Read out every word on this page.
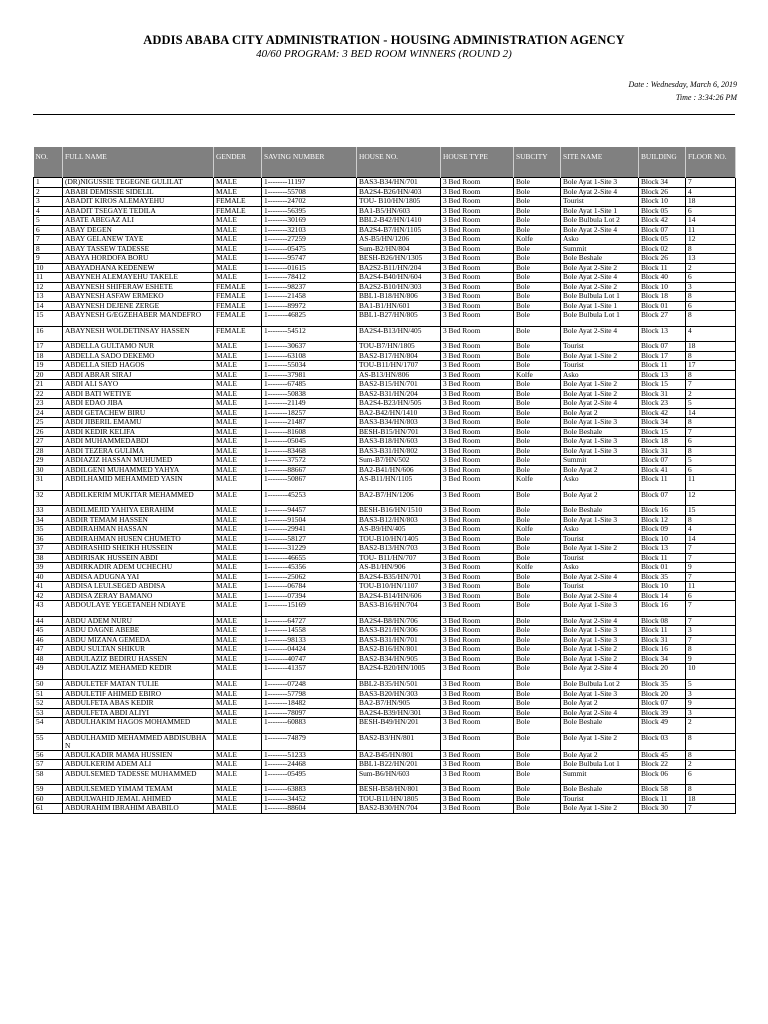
ADDIS ABABA CITY ADMINISTRATION - HOUSING ADMINISTRATION AGENCY
40/60 PROGRAM: 3 BED ROOM WINNERS (ROUND 2)
Date : Wednesday, March 6, 2019
Time : 3:34:26 PM
NO.	FULL NAME	GENDER	SAVING NUMBER	HOUSE NO.	HOUSE TYPE	SUBCITY	SITE NAME	BUILDING	FLOOR NO.
1	(DR)NIGUSSIE TEGEGNE GULILAT	MALE	1--------11197	BAS3-B34/HN/701	3 Bed Room	Bole	Bole Ayat 1-Site 3	Block 34	7
2	ABABI DEMISSIE SIDELIL	MALE	1--------55708	BA2S4-B26/HN/403	3 Bed Room	Bole	Bole Ayat 2-Site 4	Block 26	4
3	ABADIT KIROS ALEMAYEHU	FEMALE	1--------24702	TOU- B10/HN/1805	3 Bed Room	Bole	Tourist	Block 10	18
4	ABADIT TSEGAYE TEDILA	FEMALE	1--------56395	BA1-B5/HN/603	3 Bed Room	Bole	Bole Ayat 1-Site 1	Block 05	6
5	ABATE ABEGAZ ALI	MALE	1--------30169	BBL2-B42/HN/1410	3 Bed Room	Bole	Bole Bulbula Lot 2	Block 42	14
6	ABAY DEGEN	MALE	1--------32103	BA2S4-B7/HN/1105	3 Bed Room	Bole	Bole Ayat 2-Site 4	Block 07	11
7	ABAY GELANEW TAYE	MALE	1--------27259	AS-B5/HN/1206	3 Bed Room	Kolfe	Asko	Block 05	12
8	ABAY TASSEW TADESSE	MALE	1--------05475	Sum-B2/HN/804	3 Bed Room	Bole	Summit	Block 02	8
9	ABAYA HORDOFA BORU	MALE	1--------95747	BESH-B26/HN/1305	3 Bed Room	Bole	Bole Beshale	Block 26	13
10	ABAYADHANA KEDENEW	MALE	1--------01615	BA2S2-B11/HN/204	3 Bed Room	Bole	Bole Ayat 2-Site 2	Block 11	2
11	ABAYNEH ALEMAYEHU TAKELE	MALE	1--------78412	BA2S4-B40/HN/604	3 Bed Room	Bole	Bole Ayat 2-Site 4	Block 40	6
12	ABAYNESH SHIFERAW ESHETE	FEMALE	1--------98237	BA2S2-B10/HN/303	3 Bed Room	Bole	Bole Ayat 2-Site 2	Block 10	3
13	ABAYNESH ASFAW ERMEKO	FEMALE	1--------21458	BBL1-B18/HN/806	3 Bed Room	Bole	Bole Bulbula Lot 1	Block 18	8
14	ABAYNESH DEJENE ZERGE	FEMALE	1--------89972	BA1-B1/HN/601	3 Bed Room	Bole	Bole Ayat 1-Site 1	Block 01	6
15	ABAYNESH G/EGZEHABER MANDEFRO	FEMALE	1--------46825	BBL1-B27/HN/805	3 Bed Room	Bole	Bole Bulbula Lot 1	Block 27	8
16	ABAYNESH WOLDETINSAY HASSEN	FEMALE	1--------54512	BA2S4-B13/HN/405	3 Bed Room	Bole	Bole Ayat 2-Site 4	Block 13	4
17	ABDELLA GULTAMO NUR	MALE	1--------30637	TOU-B7/HN/1805	3 Bed Room	Bole	Tourist	Block 07	18
18	ABDELLA SADO DEKEMO	MALE	1--------63108	BAS2-B17/HN/804	3 Bed Room	Bole	Bole Ayat 1-Site 2	Block 17	8
19	ABDELLA SIED HAGOS	MALE	1--------55034	TOU-B11/HN/1707	3 Bed Room	Bole	Tourist	Block 11	17
20	ABDI ABRAR SIRAJ	MALE	1--------37981	AS-B13/HN/806	3 Bed Room	Kolfe	Asko	Block 13	8
21	ABDI ALI SAYO	MALE	1--------67485	BAS2-B15/HN/701	3 Bed Room	Bole	Bole Ayat 1-Site 2	Block 15	7
22	ABDI BATI WETIYE	MALE	1--------50838	BAS2-B31/HN/204	3 Bed Room	Bole	Bole Ayat 1-Site 2	Block 31	2
23	ABDI EDAO JIBA	MALE	1--------21149	BA2S4-B23/HN/505	3 Bed Room	Bole	Bole Ayat 2-Site 4	Block 23	5
24	ABDI GETACHEW BIRU	MALE	1--------18257	BA2-B42/HN/1410	3 Bed Room	Bole	Bole Ayat 2	Block 42	14
25	ABDI JIBERIL EMAMU	MALE	1--------21487	BAS3-B34/HN/803	3 Bed Room	Bole	Bole Ayat 1-Site 3	Block 34	8
26	ABDI KEDIR KELIFA	MALE	1--------81608	BESH-B15/HN/701	3 Bed Room	Bole	Bole Beshale	Block 15	7
27	ABDI MUHAMMEDABDI	MALE	1--------05045	BAS3-B18/HN/603	3 Bed Room	Bole	Bole Ayat 1-Site 3	Block 18	6
28	ABDI TEZERA GULIMA	MALE	1--------83468	BAS3-B31/HN/802	3 Bed Room	Bole	Bole Ayat 1-Site 3	Block 31	8
29	ABDIAZIZ HASSAN MUHUMED	MALE	1--------37572	Sum-B7/HN/502	3 Bed Room	Bole	Summit	Block 07	5
30	ABDILGENI MUHAMMED YAHYA	MALE	1--------88667	BA2-B41/HN/606	3 Bed Room	Bole	Bole Ayat 2	Block 41	6
31	ABDILHAMID MEHAMMED YASIN	MALE	1--------50867	AS-B11/HN/1105	3 Bed Room	Kolfe	Asko	Block 11	11
32	ABDILKERIM MUKITAR MEHAMMED	MALE	1--------45253	BA2-B7/HN/1206	3 Bed Room	Bole	Bole Ayat 2	Block 07	12
33	ABDILMEJID YAHIYA EBRAHIM	MALE	1--------94457	BESH-B16/HN/1510	3 Bed Room	Bole	Bole Beshale	Block 16	15
34	ABDIR TEMAM HASSEN	MALE	1--------91504	BAS3-B12/HN/803	3 Bed Room	Bole	Bole Ayat 1-Site 3	Block 12	8
35	ABDIRAHMAN HASSAN	MALE	1--------29941	AS-B9/HN/405	3 Bed Room	Kolfe	Asko	Block 09	4
36	ABDIRAHMAN HUSEN CHUMETO	MALE	1--------58127	TOU-B10/HN/1405	3 Bed Room	Bole	Tourist	Block 10	14
37	ABDIRASHID SHEIKH HUSSEIN	MALE	1--------31229	BAS2-B13/HN/703	3 Bed Room	Bole	Bole Ayat 1-Site 2	Block 13	7
38	ABDIRISAK HUSSEIN ABDI	MALE	1--------46655	TOU- B11/HN/707	3 Bed Room	Bole	Tourist	Block 11	7
39	ABDIRKADIR ADEM UCHECHU	MALE	1--------45356	AS-B1/HN/906	3 Bed Room	Kolfe	Asko	Block 01	9
40	ABDISA ADUGNA YAI	MALE	1--------25062	BA2S4-B35/HN/701	3 Bed Room	Bole	Bole Ayat 2-Site 4	Block 35	7
41	ABDISA LEULSEGED ABDISA	MALE	1--------06784	TOU-B10/HN/1107	3 Bed Room	Bole	Tourist	Block 10	11
42	ABDISA ZERAY BAMANO	MALE	1--------07394	BA2S4-B14/HN/606	3 Bed Room	Bole	Bole Ayat 2-Site 4	Block 14	6
43	ABDOULAYE YEGETANEH NDIAYE	MALE	1--------15169	BAS3-B16/HN/704	3 Bed Room	Bole	Bole Ayat 1-Site 3	Block 16	7
44	ABDU ADEM NURU	MALE	1--------64727	BA2S4-B8/HN/706	3 Bed Room	Bole	Bole Ayat 2-Site 4	Block 08	7
45	ABDU DAGNE ABEBE	MALE	1--------14558	BAS3-B21/HN/306	3 Bed Room	Bole	Bole Ayat 1-Site 3	Block 11	3
46	ABDU MIZANA GEMEDA	MALE	1--------98133	BAS3-B31/HN/701	3 Bed Room	Bole	Bole Ayat 1-Site 3	Block 31	7
47	ABDU SULTAN SHIKUR	MALE	1--------04424	BAS2-B16/HN/801	3 Bed Room	Bole	Bole Ayat 1-Site 2	Block 16	8
48	ABDULAZIZ BEDIRU HASSEN	MALE	1--------40747	BAS2-B34/HN/905	3 Bed Room	Bole	Bole Ayat 1-Site 2	Block 34	9
49	ABDULAZIZ MEHAMED KEDIR	MALE	1--------41357	BA2S4-B20/HN/1005	3 Bed Room	Bole	Bole Ayat 2-Site 4	Block 20	10
50	ABDULETEF MATAN TULIE	MALE	1--------07248	BBL2-B35/HN/501	3 Bed Room	Bole	Bole Bulbula Lot 2	Block 35	5
51	ABDULETIF AHIMED EBIRO	MALE	1--------57798	BAS3-B20/HN/303	3 Bed Room	Bole	Bole Ayat 1-Site 3	Block 20	3
52	ABDULFETA ABAS KEDIR	MALE	1--------18482	BA2-B7/HN/905	3 Bed Room	Bole	Bole Ayat 2	Block 07	9
53	ABDULFETA ABDI ALIYI	MALE	1--------78097	BA2S4-B39/HN/301	3 Bed Room	Bole	Bole Ayat 2-Site 4	Block 39	3
54	ABDULHAKIM HAGOS MOHAMMED	MALE	1--------60883	BESH-B49/HN/201	3 Bed Room	Bole	Bole Beshale	Block 49	2
55	ABDULHAMID MEHAMMED ABDISUBHAN	MALE	1--------74879	BAS2-B3/HN/801	3 Bed Room	Bole	Bole Ayat 1-Site 2	Block 03	8
56	ABDULKADIR MAMA HUSSIEN	MALE	1--------51233	BA2-B45/HN/801	3 Bed Room	Bole	Bole Ayat 2	Block 45	8
57	ABDULKERIM ADEM ALI	MALE	1--------24468	BBL1-B22/HN/201	3 Bed Room	Bole	Bole Bulbula Lot 1	Block 22	2
58	ABDULSEMED TADESSE MUHAMMED	MALE	1--------05495	Sum-B6/HN/603	3 Bed Room	Bole	Summit	Block 06	6
59	ABDULSEMED YIMAM TEMAM	MALE	1--------63883	BESH-B58/HN/801	3 Bed Room	Bole	Bole Beshale	Block 58	8
60	ABDULWAHID JEMAL AHIMED	MALE	1--------34452	TOU-B11/HN/1805	3 Bed Room	Bole	Tourist	Block 11	18
61	ABDURAHIM IBRAHIM ABABILO	MALE	1--------88604	BAS2-B30/HN/704	3 Bed Room	Bole	Bole Ayat 1-Site 2	Block 30	7
